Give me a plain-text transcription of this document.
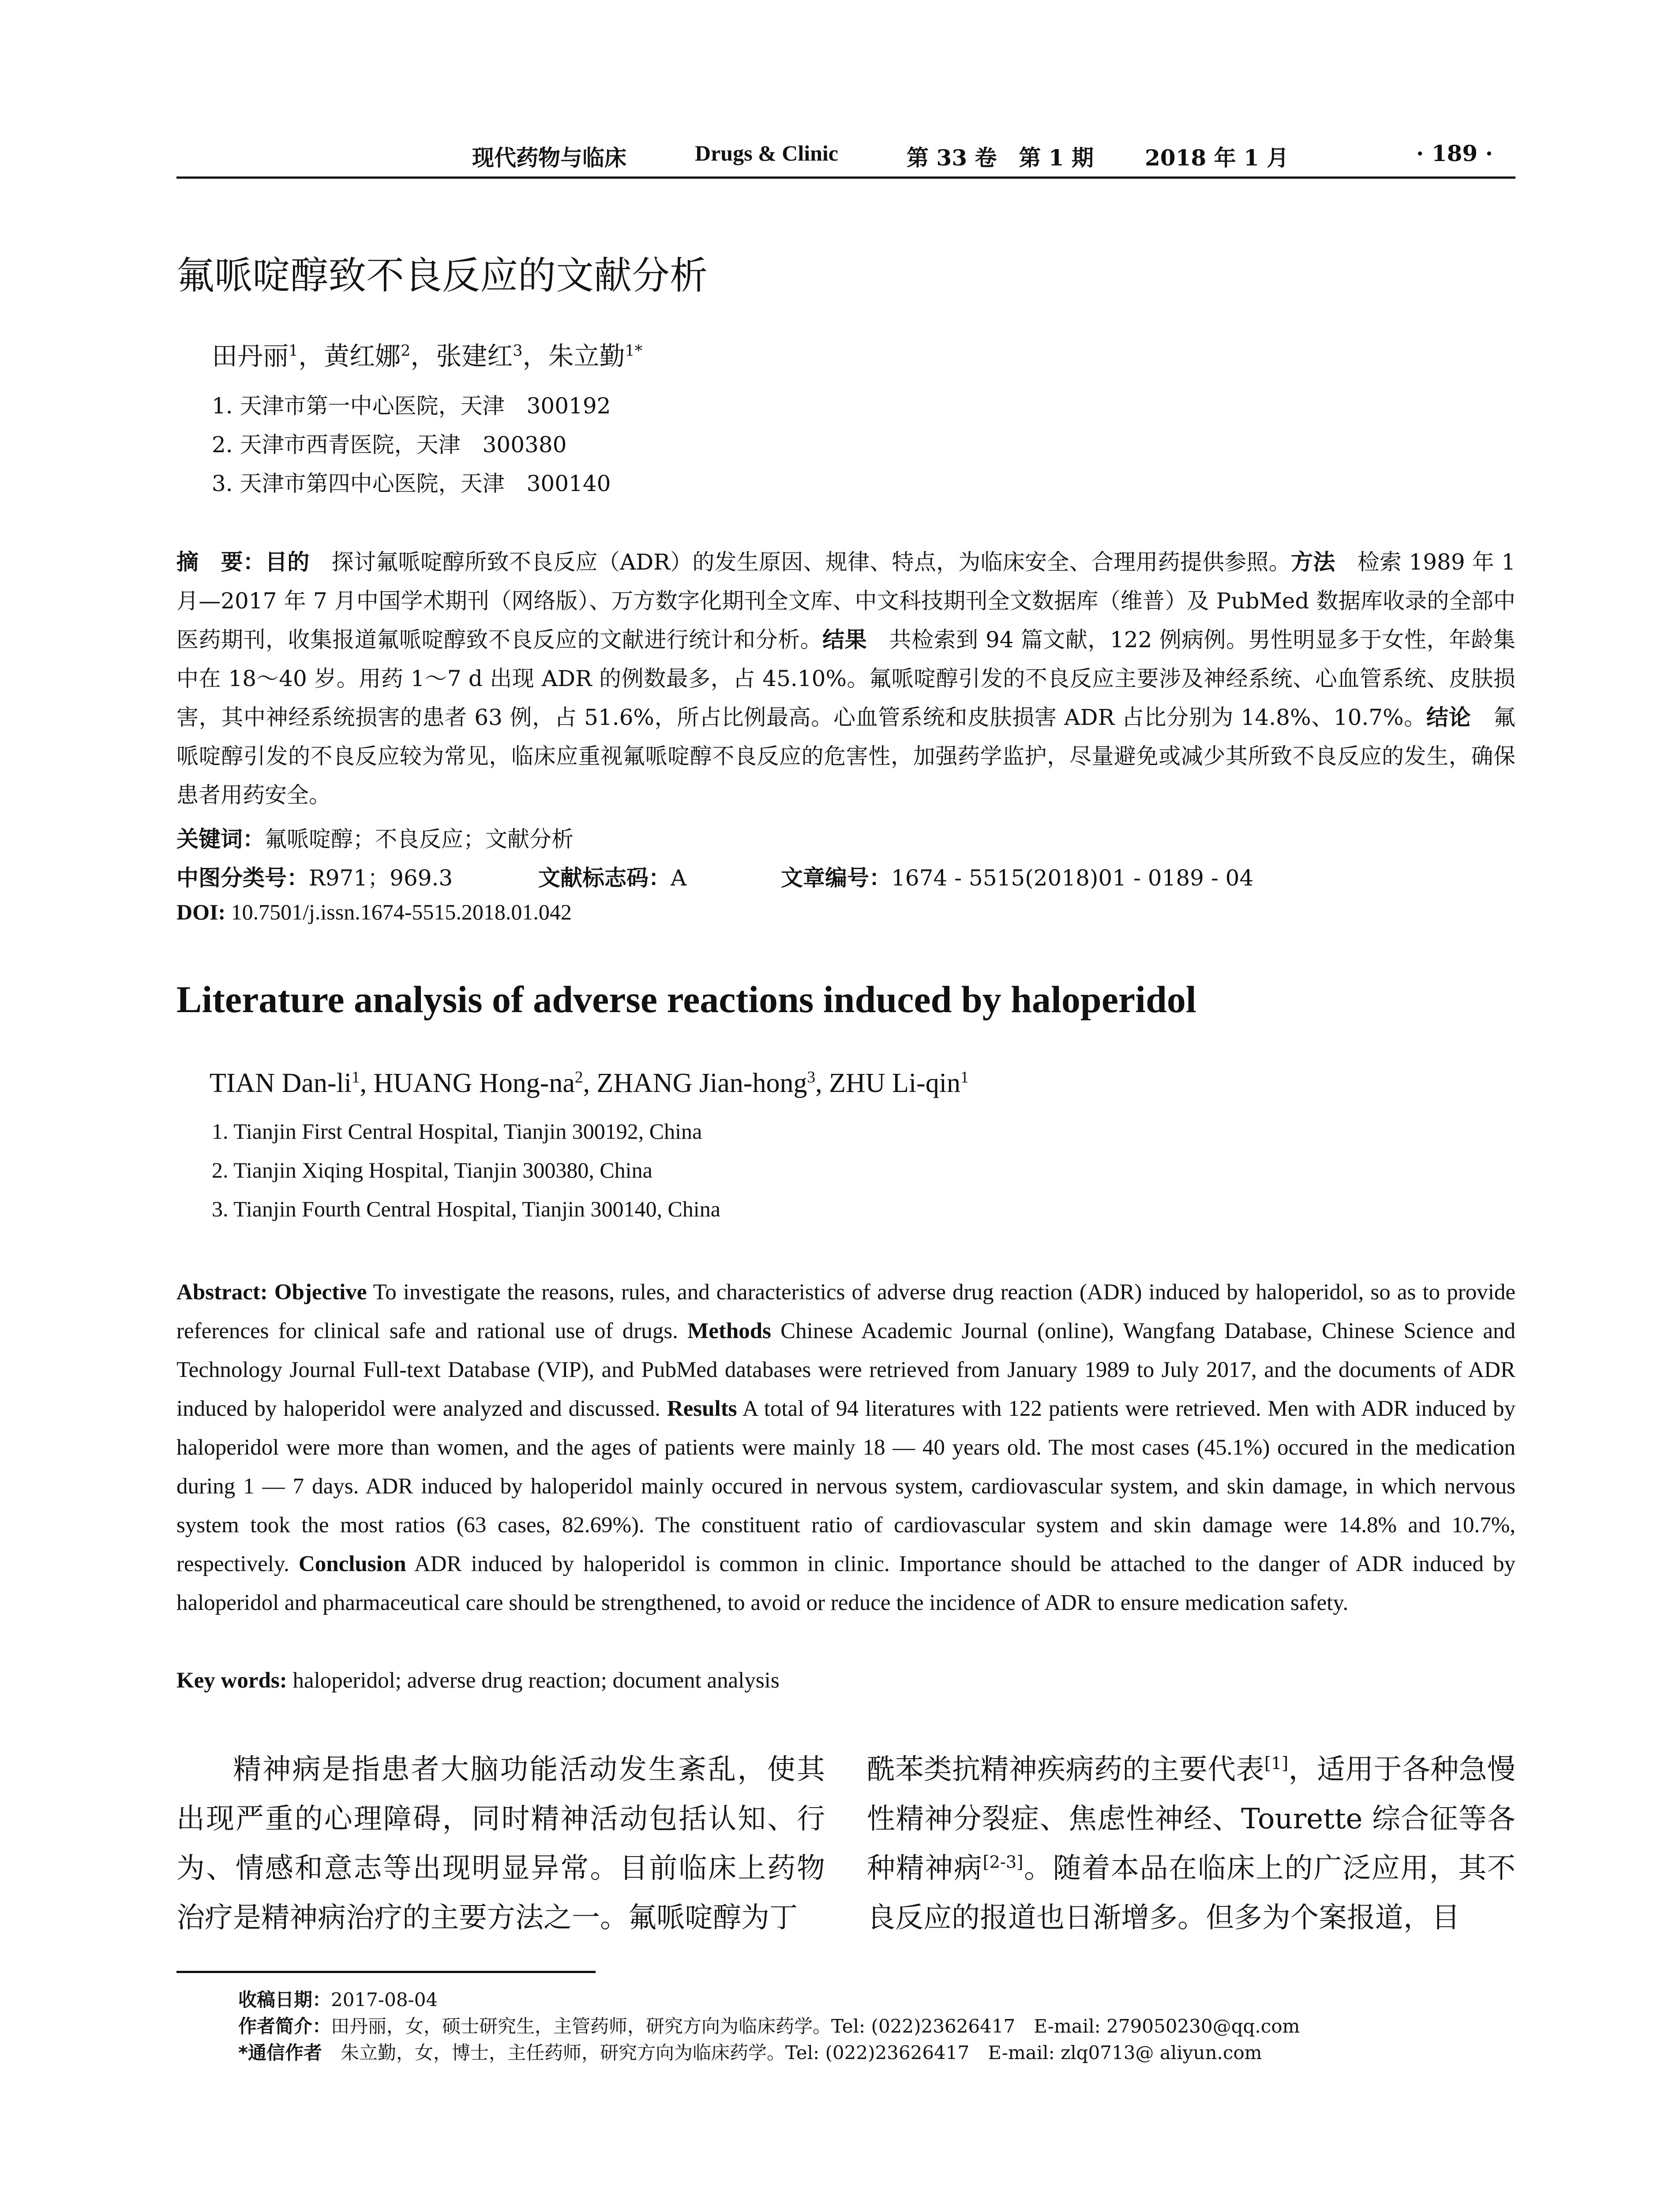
现代药物与临床	Drugs & Clinic	第 33 卷　第 1 期 2018 年 1 月	· 189 ·
氟哌啶醇致不良反应的文献分析
田丹丽$^1$，黄红娜$^2$，张建红$^3$，朱立勤$^{1*}$
1. 天津市第一中心医院，天津　300192
2. 天津市西青医院，天津　300380
3. 天津市第四中心医院，天津　300140
摘　要：目的　探讨氟哌啶醇所致不良反应（ADR）的发生原因、规律、特点，为临床安全、合理用药提供参照。方法　检索 1989 年 1 月—2017 年 7 月中国学术期刊（网络版）、万方数字化期刊全文库、中文科技期刊全文数据库（维普）及 PubMed 数据库收录的全部中医药期刊，收集报道氟哌啶醇致不良反应的文献进行统计和分析。结果　共检索到 94 篇文献，122 例病例。男性明显多于女性，年龄集中在 18～40 岁。用药 1～7 d 出现 ADR 的例数最多，占 45.10%。氟哌啶醇引发的不良反应主要涉及神经系统、心血管系统、皮肤损害，其中神经系统损害的患者 63 例，占 51.6%，所占比例最高。心血管系统和皮肤损害 ADR 占比分别为 14.8%、10.7%。结论　氟哌啶醇引发的不良反应较为常见，临床应重视氟哌啶醇不良反应的危害性，加强药学监护，尽量避免或减少其所致不良反应的发生，确保患者用药安全。
关键词：氟哌啶醇；不良反应；文献分析
中图分类号：R971；969.3	文献标志码：A	文章编号：1674 - 5515(2018)01 - 0189 - 04
DOI: 10.7501/j.issn.1674-5515.2018.01.042
Literature analysis of adverse reactions induced by haloperidol
TIAN Dan-$li^1$, HUANG Hong-$na^2$, ZHANG Jian-hong$^3$, ZHU Li-qin$^1$
1. Tianjin First Central Hospital, Tianjin 300192, China
2. Tianjin Xiqing Hospital, Tianjin 300380, China
3. Tianjin Fourth Central Hospital, Tianjin 300140, China
Abstract: Objective To investigate the reasons, rules, and characteristics of adverse drug reaction (ADR) induced by haloperidol, so as to provide references for clinical safe and rational use of drugs. Methods Chinese Academic Journal (online), Wangfang Database, Chinese Science and Technology Journal Full-text Database (VIP), and PubMed databases were retrieved from January 1989 to July 2017, and the documents of ADR induced by haloperidol were analyzed and discussed. Results A total of 94 literatures with 122 patients were retrieved. Men with ADR induced by haloperidol were more than women, and the ages of patients were mainly 18 — 40 years old. The most cases (45.1%) occured in the medication during 1 — 7 days. ADR induced by haloperidol mainly occured in nervous system, cardiovascular system, and skin damage, in which nervous system took the most ratios (63 cases, 82.69%). The constituent ratio of cardiovascular system and skin damage were 14.8% and 10.7%, respectively. Conclusion ADR induced by haloperidol is common in clinic. Importance should be attached to the danger of ADR induced by haloperidol and pharmaceutical care should be strengthened, to avoid or reduce the incidence of ADR to ensure medication safety.
Key words: haloperidol; adverse drug reaction; document analysis
精神病是指患者大脑功能活动发生紊乱，使其出现严重的心理障碍，同时精神活动包括认知、行为、情感和意志等出现明显异常。目前临床上药物治疗是精神病治疗的主要方法之一。氟哌啶醇为丁
酰苯类抗精神疾病药的主要代表[1]，适用于各种急慢性精神分裂症、焦虑性神经、Tourette 综合征等各种精神病[2-3]。随着本品在临床上的广泛应用，其不良反应的报道也日渐增多。但多为个案报道，目
收稿日期：2017-08-04
作者简介：田丹丽，女，硕士研究生，主管药师，研究方向为临床药学。Tel: (022)23626417　E-mail: 279050230@qq.com
*通信作者　朱立勤，女，博士，主任药师，研究方向为临床药学。Tel: (022)23626417　E-mail: zlq0713@ aliyun.com
